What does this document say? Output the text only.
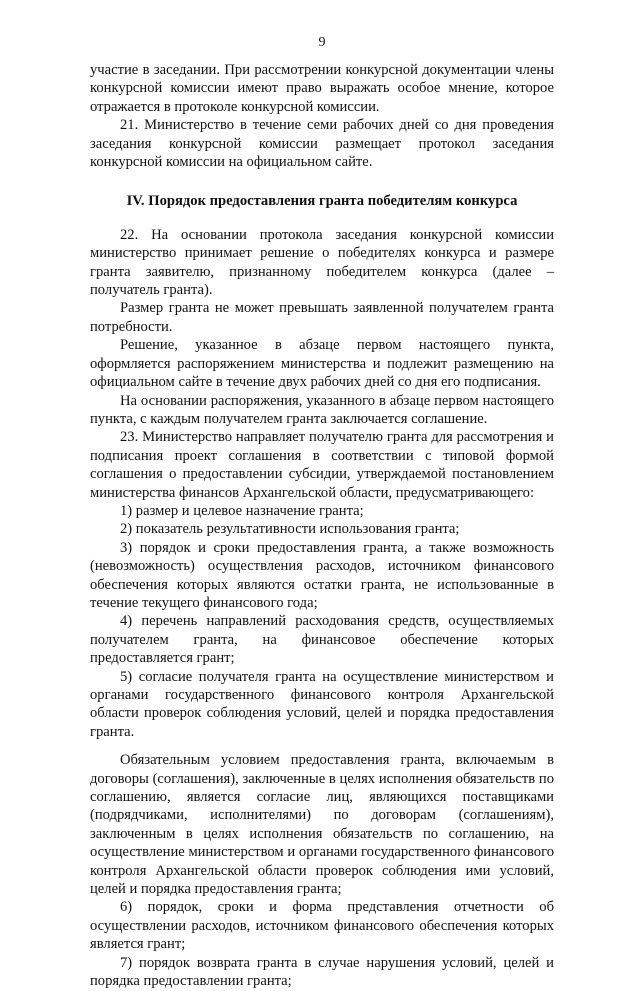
9

участие в заседании. При рассмотрении конкурсной документации члены конкурсной комиссии имеют право выражать особое мнение, которое отражается в протоколе конкурсной комиссии.

21. Министерство в течение семи рабочих дней со дня проведения заседания конкурсной комиссии размещает протокол заседания конкурсной комиссии на официальном сайте.

IV. Порядок предоставления гранта победителям конкурса

22. На основании протокола заседания конкурсной комиссии министерство принимает решение о победителях конкурса и размере гранта заявителю, признанному победителем конкурса (далее – получатель гранта).

Размер гранта не может превышать заявленной получателем гранта потребности.

Решение, указанное в абзаце первом настоящего пункта, оформляется распоряжением министерства и подлежит размещению на официальном сайте в течение двух рабочих дней со дня его подписания.

На основании распоряжения, указанного в абзаце первом настоящего пункта, с каждым получателем гранта заключается соглашение.

23. Министерство направляет получателю гранта для рассмотрения и подписания проект соглашения в соответствии с типовой формой соглашения о предоставлении субсидии, утверждаемой постановлением министерства финансов Архангельской области, предусматривающего:

1) размер и целевое назначение гранта;

2) показатель результативности использования гранта;

3) порядок и сроки предоставления гранта, а также возможность (невозможность) осуществления расходов, источником финансового обеспечения которых являются остатки гранта, не использованные в течение текущего финансового года;

4) перечень направлений расходования средств, осуществляемых получателем гранта, на финансовое обеспечение которых предоставляется грант;

5) согласие получателя гранта на осуществление министерством и органами государственного финансового контроля Архангельской области проверок соблюдения условий, целей и порядка предоставления гранта.

Обязательным условием предоставления гранта, включаемым в договоры (соглашения), заключенные в целях исполнения обязательств по соглашению, является согласие лиц, являющихся поставщиками (подрядчиками, исполнителями) по договорам (соглашениям), заключенным в целях исполнения обязательств по соглашению, на осуществление министерством и органами государственного финансового контроля Архангельской области проверок соблюдения ими условий, целей и порядка предоставления гранта;

6) порядок, сроки и форма представления отчетности об осуществлении расходов, источником финансового обеспечения которых является грант;

7) порядок возврата гранта в случае нарушения условий, целей и порядка предоставлении гранта;
